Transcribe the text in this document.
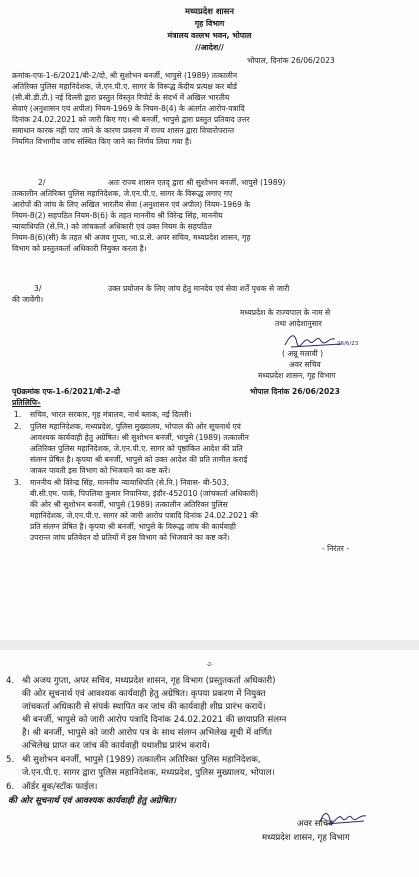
मध्यप्रदेश शासन
गृह विभाग
मंत्रालय वल्लभ भवन, भोपाल
//आदेश//
भोपाल, दिनांक 26/06/2023
क्रमांक-एफ-1-6/2021/बी-2/दो, श्री सुशोभन बनर्जी, भापुसे (1989) तत्कालीन
अतिरिक्त पुलिस महानिदेशक, जे.एन.पी.ए. सागर के विरूद्ध केंदीय प्रत्यक्ष कर बोर्ड
(सी.बी.डी.टी.) नई दिल्ली द्वारा प्रस्तुत विस्तृत रिपोर्ट के संदर्भ में अखिल भारतीय
सेवाएं (अनुशासन एवं अपील) नियम-1969 के नियम-8(4) के अंतर्गत आरोप-पत्रादि
दिनांक 24.02.2021 को जारी किए गए। श्री बनर्जी, भापुसे द्वारा प्रस्तुत प्रतिवाद उत्तर
समाधान कारक नहीं पाए जाने के कारण प्रकरण में राज्य शासन द्वारा विचारोपरान्त
नियमित विभागीय जांच संस्थित किए जाने का निर्णय लिया गया है।
2/	अतः राज्य शासन एतद् द्वारा श्री सुशोभन बनर्जी, भापुसे (1989)
तत्कालीन अतिरिक्त पुलिस महानिदेशक, जे.एन.पी.ए. सागर के विरूद्ध लगाए गए
आरोपों की जांच के लिए अखिल भारतीय सेवा (अनुशासन एवं अपील) नियम-1969 के
नियम-8(2) सहपठित नियम-8(6) के तहत माननीय श्री विरेन्द्र सिंह, माननीय
न्यायाधिपति (से.नि.) को जांचकर्ता अधिकारी एवं उक्त नियम के सहपठित
नियम-8(6)(सी) के तहत श्री अजय गुप्ता, भा.प्र.से. अपर सचिव, मध्यप्रदेश शासन, गृह
विभाग को प्रस्तुतकर्ता अधिकारी नियुक्त करता है।
3/	उक्त प्रयोजन के लिए जांच हेतु मानदेय एवं सेवा शर्तें पृथक से जारी
की जावेंगी।
मध्यप्रदेश के राज्यपाल के नाम से
तथा आदेशानुसार
26/6/23
( अन्नू मलावी )
अवर सचिव
मध्यप्रदेश शासन, गृह विभाग
पृ0क्रमांक एफ-1-6/2021/बी-2-दो	भोपाल दिनांक 26/06/2023
प्रतिलिपिः-
1. सचिव, भारत सरकार, गृह मंत्रालय, नार्थ ब्लाक, नई दिल्ली।
2. पुलिस महानिदेशक, मध्यप्रदेश, पुलिस मुख्यालय, भोपाल की ओर सूचनार्थ एवं
आवश्यक कार्यवाही हेतु अग्रेषित। श्री सुशोभन बनर्जी, भापुसे (1989) तत्कालीन
अतिरिक्त पुलिस महानिदेशक, जे.एन.पी.ए. सागर को पृष्ठांकित आदेश की प्रति
संलग्न प्रेषित है। कृपया श्री बनर्जी, भापुसे को उक्त आदेश की प्रति तामील कराई
जाकर पावती इस विभाग को भिजवाने का कष्ट करें।
3. माननीय श्री विरेन्द्र सिंह, माननीय न्यायाधिपति (से.नि.) निवास- बी-503,
बी.सी.एम. पार्क, पिपलिया कुमार निपानिया, इंदौर-452010 (जांचकर्ता अधिकारी)
की ओर श्री सुशोभन बनर्जी, भापुसे (1989) तत्कालीन अतिरिक्त पुलिस
महानिदेशक, जे.एन.पी.ए. सागर को जारी आरोप पत्रादि दिनांक 24.02.2021 की
प्रति संलग्न प्रेषित है। कृपया श्री बनर्जी, भापुसे के विरूद्ध जांच की कार्यवाही
उपरान्त जांच प्रतिवेदन दो प्रतियों में इस विभाग को भिजवाने का कष्ट करें।
- निरंतर -
-2-
4. श्री अजय गुप्ता, अपर सचिव, मध्यप्रदेश शासन, गृह विभाग (प्रस्तुतकर्ता अधिकारी)
की ओर सूचनार्थ एवं आवश्यक कार्यवाही हेतु अग्रेषित। कृपया प्रकरण में नियुक्त
जांचकर्ता अधिकारी से संपर्क स्थापित कर जांच की कार्यवाही शीघ्र प्रारंभ करायें।
श्री बनर्जी, भापुसे को जारी आरोप पत्रादि दिनांक 24.02.2021 की छायाप्रति संलग्न
है। श्री बनर्जी, भापुसे को जारी आरोप पत्र के साथ संलग्न अभिलेख सूची में वर्णित
अभिलेख प्राप्त कर जांच की कार्यवाही यथाशीघ्र प्रारंभ करायें।
5. श्री सुशोभन बनर्जी, भापुसे (1989) तत्कालीन अतिरिक्त पुलिस महानिदेशक,
जे.एन.पी.ए. सागर द्वारा पुलिस महानिदेशक, मध्यप्रदेश, पुलिस मुख्यालय, भोपाल।
6. ऑर्डर बुक/स्टॉक फाईल।
की ओर सूचनार्थ एवं आवश्यक कार्यवाही हेतु अग्रेषित।
अवर सचिव
मध्यप्रदेश शासन, गृह विभाग
